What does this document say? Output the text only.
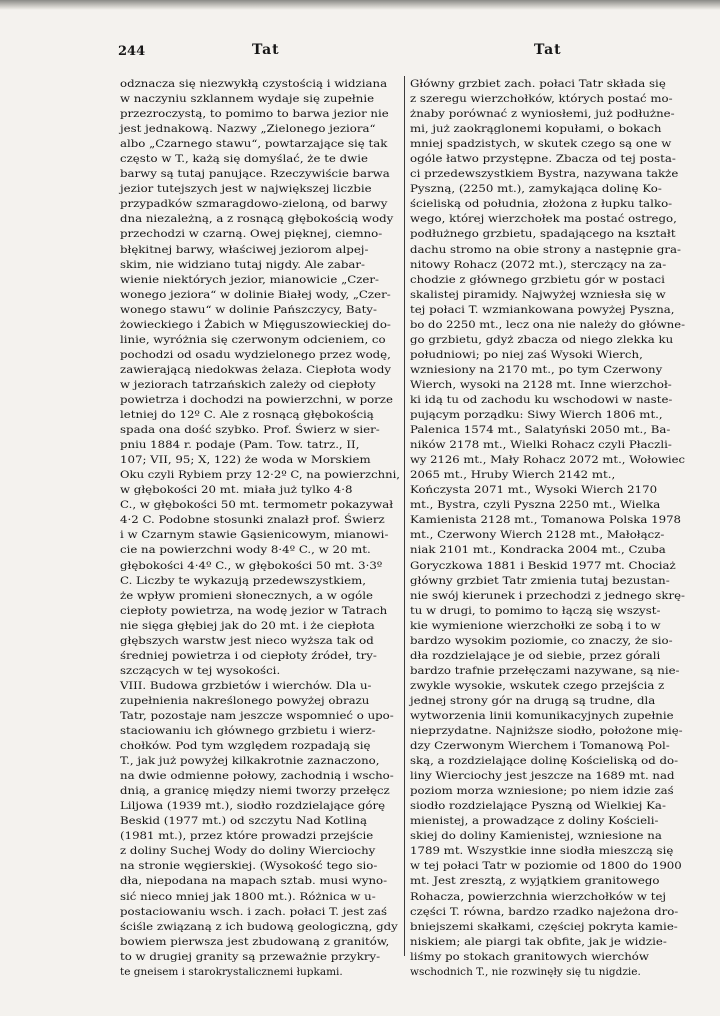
244	Tat	Tat
odznacza się niezwykłą czystością i widziana
w naczyniu szklannem wydaje się zupełnie
przezroczystą, to pomimo to barwa jezior nie
jest jednakową. Nazwy „Zielonego jeziora“
albo „Czarnego stawu“, powtarzające się tak
często w T., każą się domyślać, że te dwie
barwy są tutaj panujące. Rzeczywiście barwa
jezior tutejszych jest w największej liczbie
przypadków szmaragdowo-zieloną, od barwy
dna niezależną, a z rosnącą głębokością wody
przechodzi w czarną. Owej pięknej, ciemno-
błękitnej barwy, właściwej jeziorom alpej-
skim, nie widziano tutaj nigdy. Ale zabar-
wienie niektórych jezior, mianowicie „Czer-
wonego jeziora“ w dolinie Białej wody, „Czer-
wonego stawu“ w dolinie Pańszczycy, Baty-
żowieckiego i Żabich w Mięguszowieckiej do-
linie, wyróżnia się czerwonym odcieniem, co
pochodzi od osadu wydzielonego przez wodę,
zawierającą niedokwas żelaza. Ciepłota wody
w jeziorach tatrzańskich zależy od ciepłoty
powietrza i dochodzi na powierzchni, w porze
letniej do 12º C. Ale z rosnącą głębokością
spada ona dość szybko. Prof. Świerz w sier-
pniu 1884 r. podaje (Pam. Tow. tatrz., II,
107; VII, 95; X, 122) że woda w Morskiem
Oku czyli Rybiem przy 12·2º C, na powierzchni,
w głębokości 20 mt. miała już tylko 4·8
C., w głębokości 50 mt. termometr pokazywał
4·2 C. Podobne stosunki znalazł prof. Świerz
i w Czarnym stawie Gąsienicowym, mianowi-
cie na powierzchni wody 8·4º C., w 20 mt.
głębokości 4·4º C., w głębokości 50 mt. 3·3º
C. Liczby te wykazują przedewszystkiem,
że wpływ promieni słonecznych, a w ogóle
ciepłoty powietrza, na wodę jezior w Tatrach
nie sięga głębiej jak do 20 mt. i że ciepłota
głębszych warstw jest nieco wyższa tak od
średniej powietrza i od ciepłoty źródeł, try-
szczących w tej wysokości.
VIII. Budowa grzbietów i wierchów. Dla u-
zupełnienia nakreślonego powyżej obrazu
Tatr, pozostaje nam jeszcze wspomnieć o upo-
staciowaniu ich głównego grzbietu i wierz-
chołków. Pod tym względem rozpadają się
T., jak już powyżej kilkakrotnie zaznaczono,
na dwie odmienne połowy, zachodnią i wscho-
dnią, a granicę między niemi tworzy przełęcz
Liljowa (1939 mt.), siodło rozdzielające górę
Beskid (1977 mt.) od szczytu Nad Kotliną
(1981 mt.), przez które prowadzi przejście
z doliny Suchej Wody do doliny Wierciochy
na stronie węgierskiej. (Wysokość tego sio-
dła, niepodana na mapach sztab. musi wyno-
sić nieco mniej jak 1800 mt.). Różnica w u-
postaciowaniu wsch. i zach. połaci T. jest zaś
ściśle związaną z ich budową geologiczną, gdy
bowiem pierwsza jest zbudowaną z granitów,
to w drugiej granity są przeważnie przykry-
te gneisem i starokrystalicznemi łupkami.
Główny grzbiet zach. połaci Tatr składa się
z szeregu wierzchołków, których postać mo-
żnaby porównać z wyniosłemi, już podłużne-
mi, już zaokrąglonemi kopułami, o bokach
mniej spadzistych, w skutek czego są one w
ogóle łatwo przystępne. Zbacza od tej posta-
ci przedewszystkiem Bystra, nazywana także
Pyszną, (2250 mt.), zamykająca dolinę Ko-
ścieliską od południa, złożona z łupku talko-
wego, której wierzchołek ma postać ostrego,
podłużnego grzbietu, spadającego na kształt
dachu stromo na obie strony a następnie gra-
nitowy Rohacz (2072 mt.), sterczący na za-
chodzie z głównego grzbietu gór w postaci
skalistej piramidy. Najwyżej wzniesła się w
tej połaci T. wzmiankowana powyżej Pyszna,
bo do 2250 mt., lecz ona nie należy do główne-
go grzbietu, gdyż zbacza od niego zlekka ku
południowi; po niej zaś Wysoki Wierch,
wzniesiony na 2170 mt., po tym Czerwony
Wierch, wysoki na 2128 mt. Inne wierzchoł-
ki idą tu od zachodu ku wschodowi w naste-
pującym porządku: Siwy Wierch 1806 mt.,
Palenica 1574 mt., Salatyński 2050 mt., Ba-
ników 2178 mt., Wielki Rohacz czyli Płaczli-
wy 2126 mt., Mały Rohacz 2072 mt., Wołowiec
2065 mt., Hruby Wierch 2142 mt.,
Kończysta 2071 mt., Wysoki Wierch 2170
mt., Bystra, czyli Pyszna 2250 mt., Wielka
Kamienista 2128 mt., Tomanowa Polska 1978
mt., Czerwony Wierch 2128 mt., Małołącz-
niak 2101 mt., Kondracka 2004 mt., Czuba
Goryczkowa 1881 i Beskid 1977 mt. Chociaż
główny grzbiet Tatr zmienia tutaj bezustan-
nie swój kierunek i przechodzi z jednego skrę-
tu w drugi, to pomimo to łączą się wszyst-
kie wymienione wierzchołki ze sobą i to w
bardzo wysokim poziomie, co znaczy, że sio-
dła rozdzielające je od siebie, przez górali
bardzo trafnie przełęczami nazywane, są nie-
zwykle wysokie, wskutek czego przejścia z
jednej strony gór na drugą są trudne, dla
wytworzenia linii komunikacyjnych zupełnie
nieprzydatne. Najniższe siodło, położone mię-
dzy Czerwonym Wierchem i Tomanową Pol-
ską, a rozdzielające dolinę Kościeliską od do-
liny Wierciochy jest jeszcze na 1689 mt. nad
poziom morza wzniesione; po niem idzie zaś
siodło rozdzielające Pyszną od Wielkiej Ka-
mienistej, a prowadzące z doliny Kościeli-
skiej do doliny Kamienistej, wzniesione na
1789 mt. Wszystkie inne siodła mieszczą się
w tej połaci Tatr w poziomie od 1800 do 1900
mt. Jest zresztą, z wyjątkiem granitowego
Rohacza, powierzchnia wierzchołków w tej
części T. równa, bardzo rzadko najeżona dro-
bniejszemi skałkami, częściej pokryta kamie-
niskiem; ale piargi tak obfite, jak je widzie-
liśmy po stokach granitowych wierchów
wschodnich T., nie rozwinęły się tu nigdzie.
